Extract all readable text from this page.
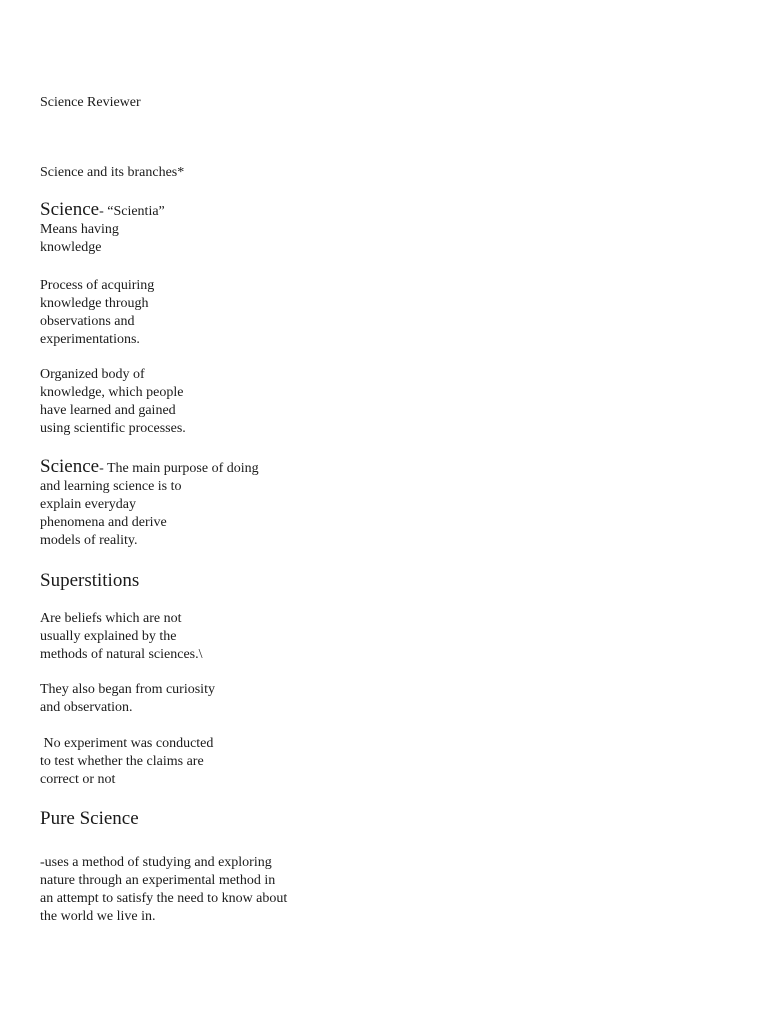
Science Reviewer

Science and its branches*

Science- “Scientia”
Means having
knowledge
Process of acquiring
knowledge through
observations and
experimentations.
Organized body of
knowledge, which people
have learned and gained
using scientific processes.
Science- The main purpose of doing
and learning science is to
explain everyday
phenomena and derive
models of reality.

Superstitions

Are beliefs which are not
usually explained by the
methods of natural sciences.\
They also began from curiosity
and observation.
No experiment was conducted
to test whether the claims are
correct or not

Pure Science

-uses a method of studying and exploring
nature through an experimental method in
an attempt to satisfy the need to know about
the world we live in.
